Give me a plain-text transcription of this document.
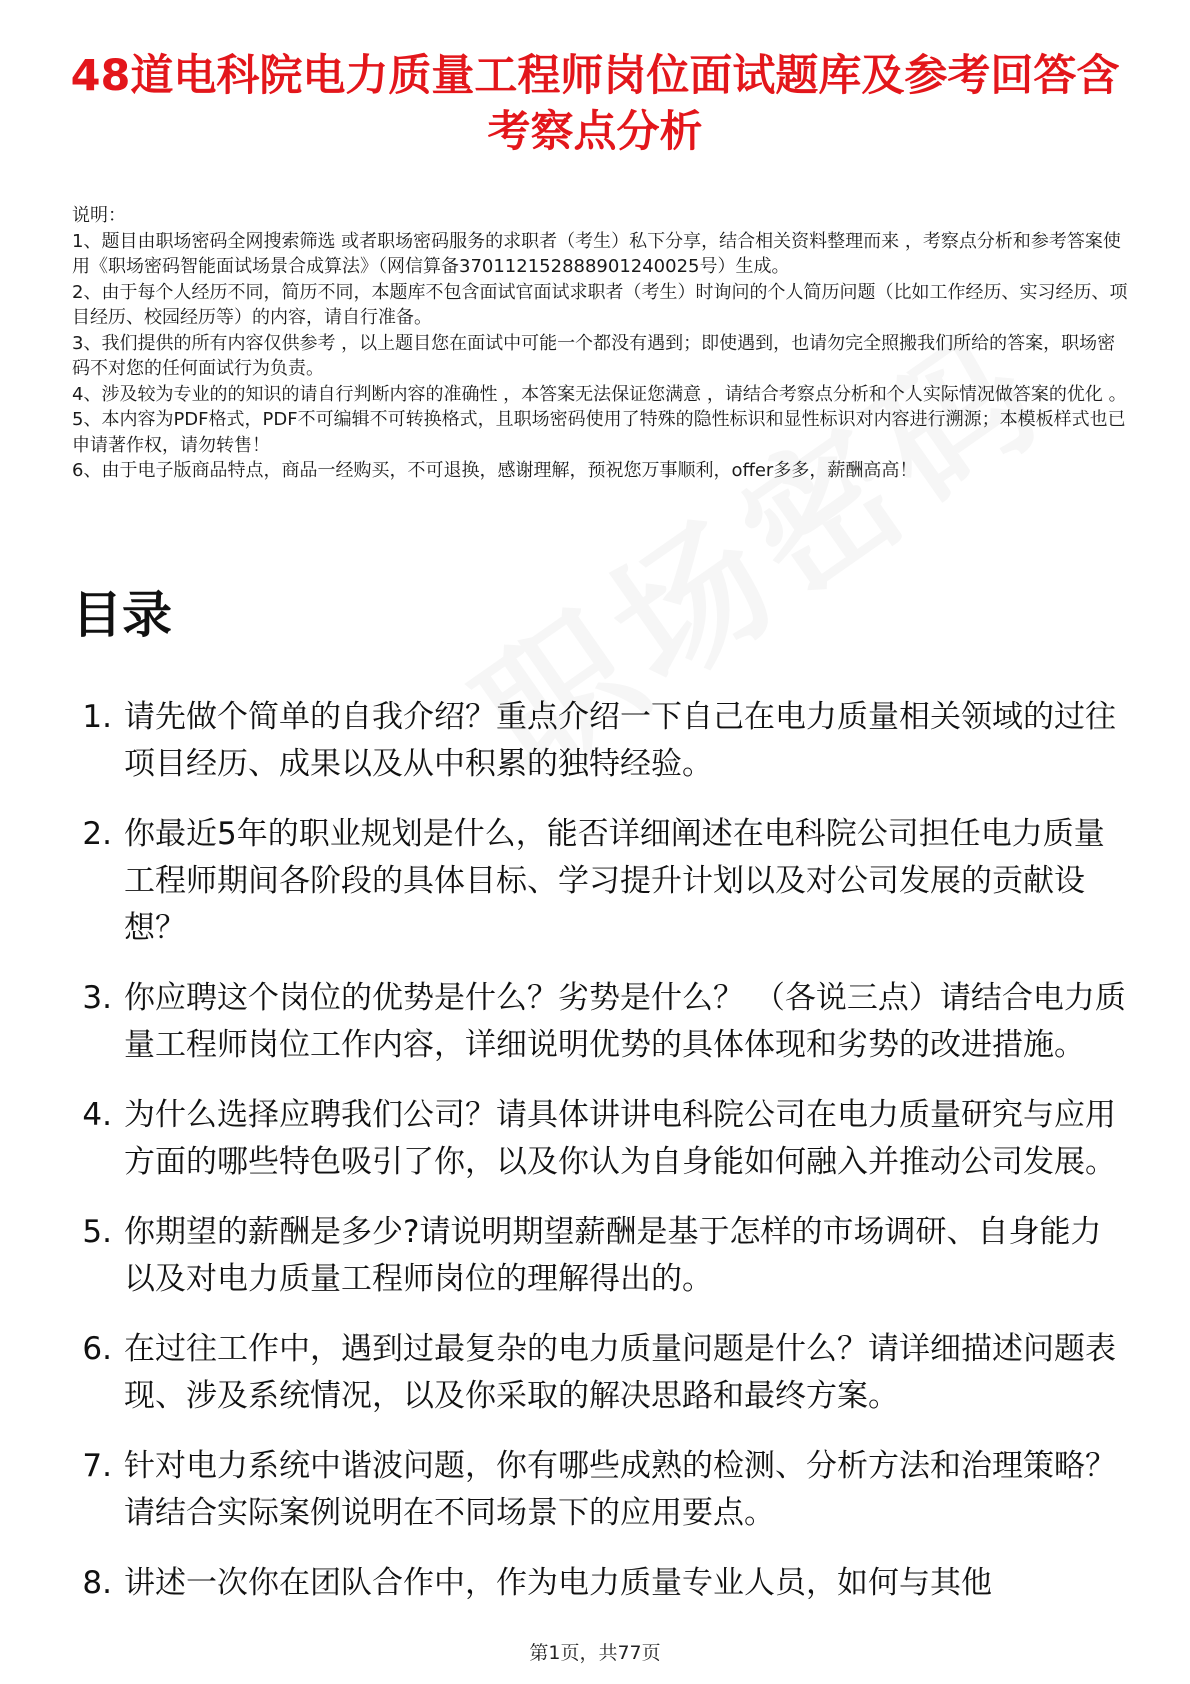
48道电科院电力质量工程师岗位面试题库及参考回答含考察点分析

说明：

1、题目由职场密码全网搜索筛选 或者职场密码服务的求职者（考生）私下分享，结合相关资料整理而来 ，考察点分析和参考答案使用《职场密码智能面试场景合成算法》（网信算备370112152888901240025号）生成。

2、由于每个人经历不同，简历不同，本题库不包含面试官面试求职者（考生）时询问的个人简历问题（比如工作经历、实习经历、项目经历、校园经历等）的内容，请自行准备。

3、我们提供的所有内容仅供参考 ，以上题目您在面试中可能一个都没有遇到；即使遇到，也请勿完全照搬我们所给的答案，职场密码不对您的任何面试行为负责。

4、涉及较为专业的的知识的请自行判断内容的准确性 ，本答案无法保证您满意 ，请结合考察点分析和个人实际情况做答案的优化 。

5、本内容为PDF格式，PDF不可编辑不可转换格式，且职场密码使用了特殊的隐性标识和显性标识对内容进行溯源；本模板样式也已申请著作权，请勿转售！

6、由于电子版商品特点，商品一经购买，不可退换，感谢理解，预祝您万事顺利，offer多多，薪酬高高！

目录
1. 请先做个简单的自我介绍？重点介绍一下自己在电力质量相关领域的过往项目经历、成果以及从中积累的独特经验。
2. 你最近5年的职业规划是什么，能否详细阐述在电科院公司担任电力质量工程师期间各阶段的具体目标、学习提升计划以及对公司发展的贡献设想？
3. 你应聘这个岗位的优势是什么？劣势是什么？ （各说三点）请结合电力质量工程师岗位工作内容，详细说明优势的具体体现和劣势的改进措施。
4. 为什么选择应聘我们公司？请具体讲讲电科院公司在电力质量研究与应用方面的哪些特色吸引了你，以及你认为自身能如何融入并推动公司发展。
5. 你期望的薪酬是多少?请说明期望薪酬是基于怎样的市场调研、自身能力以及对电力质量工程师岗位的理解得出的。
6. 在过往工作中，遇到过最复杂的电力质量问题是什么？请详细描述问题表现、涉及系统情况，以及你采取的解决思路和最终方案。
7. 针对电力系统中谐波问题，你有哪些成熟的检测、分析方法和治理策略？请结合实际案例说明在不同场景下的应用要点。
8. 讲述一次你在团队合作中，作为电力质量专业人员，如何与其他
第1页，共77页
